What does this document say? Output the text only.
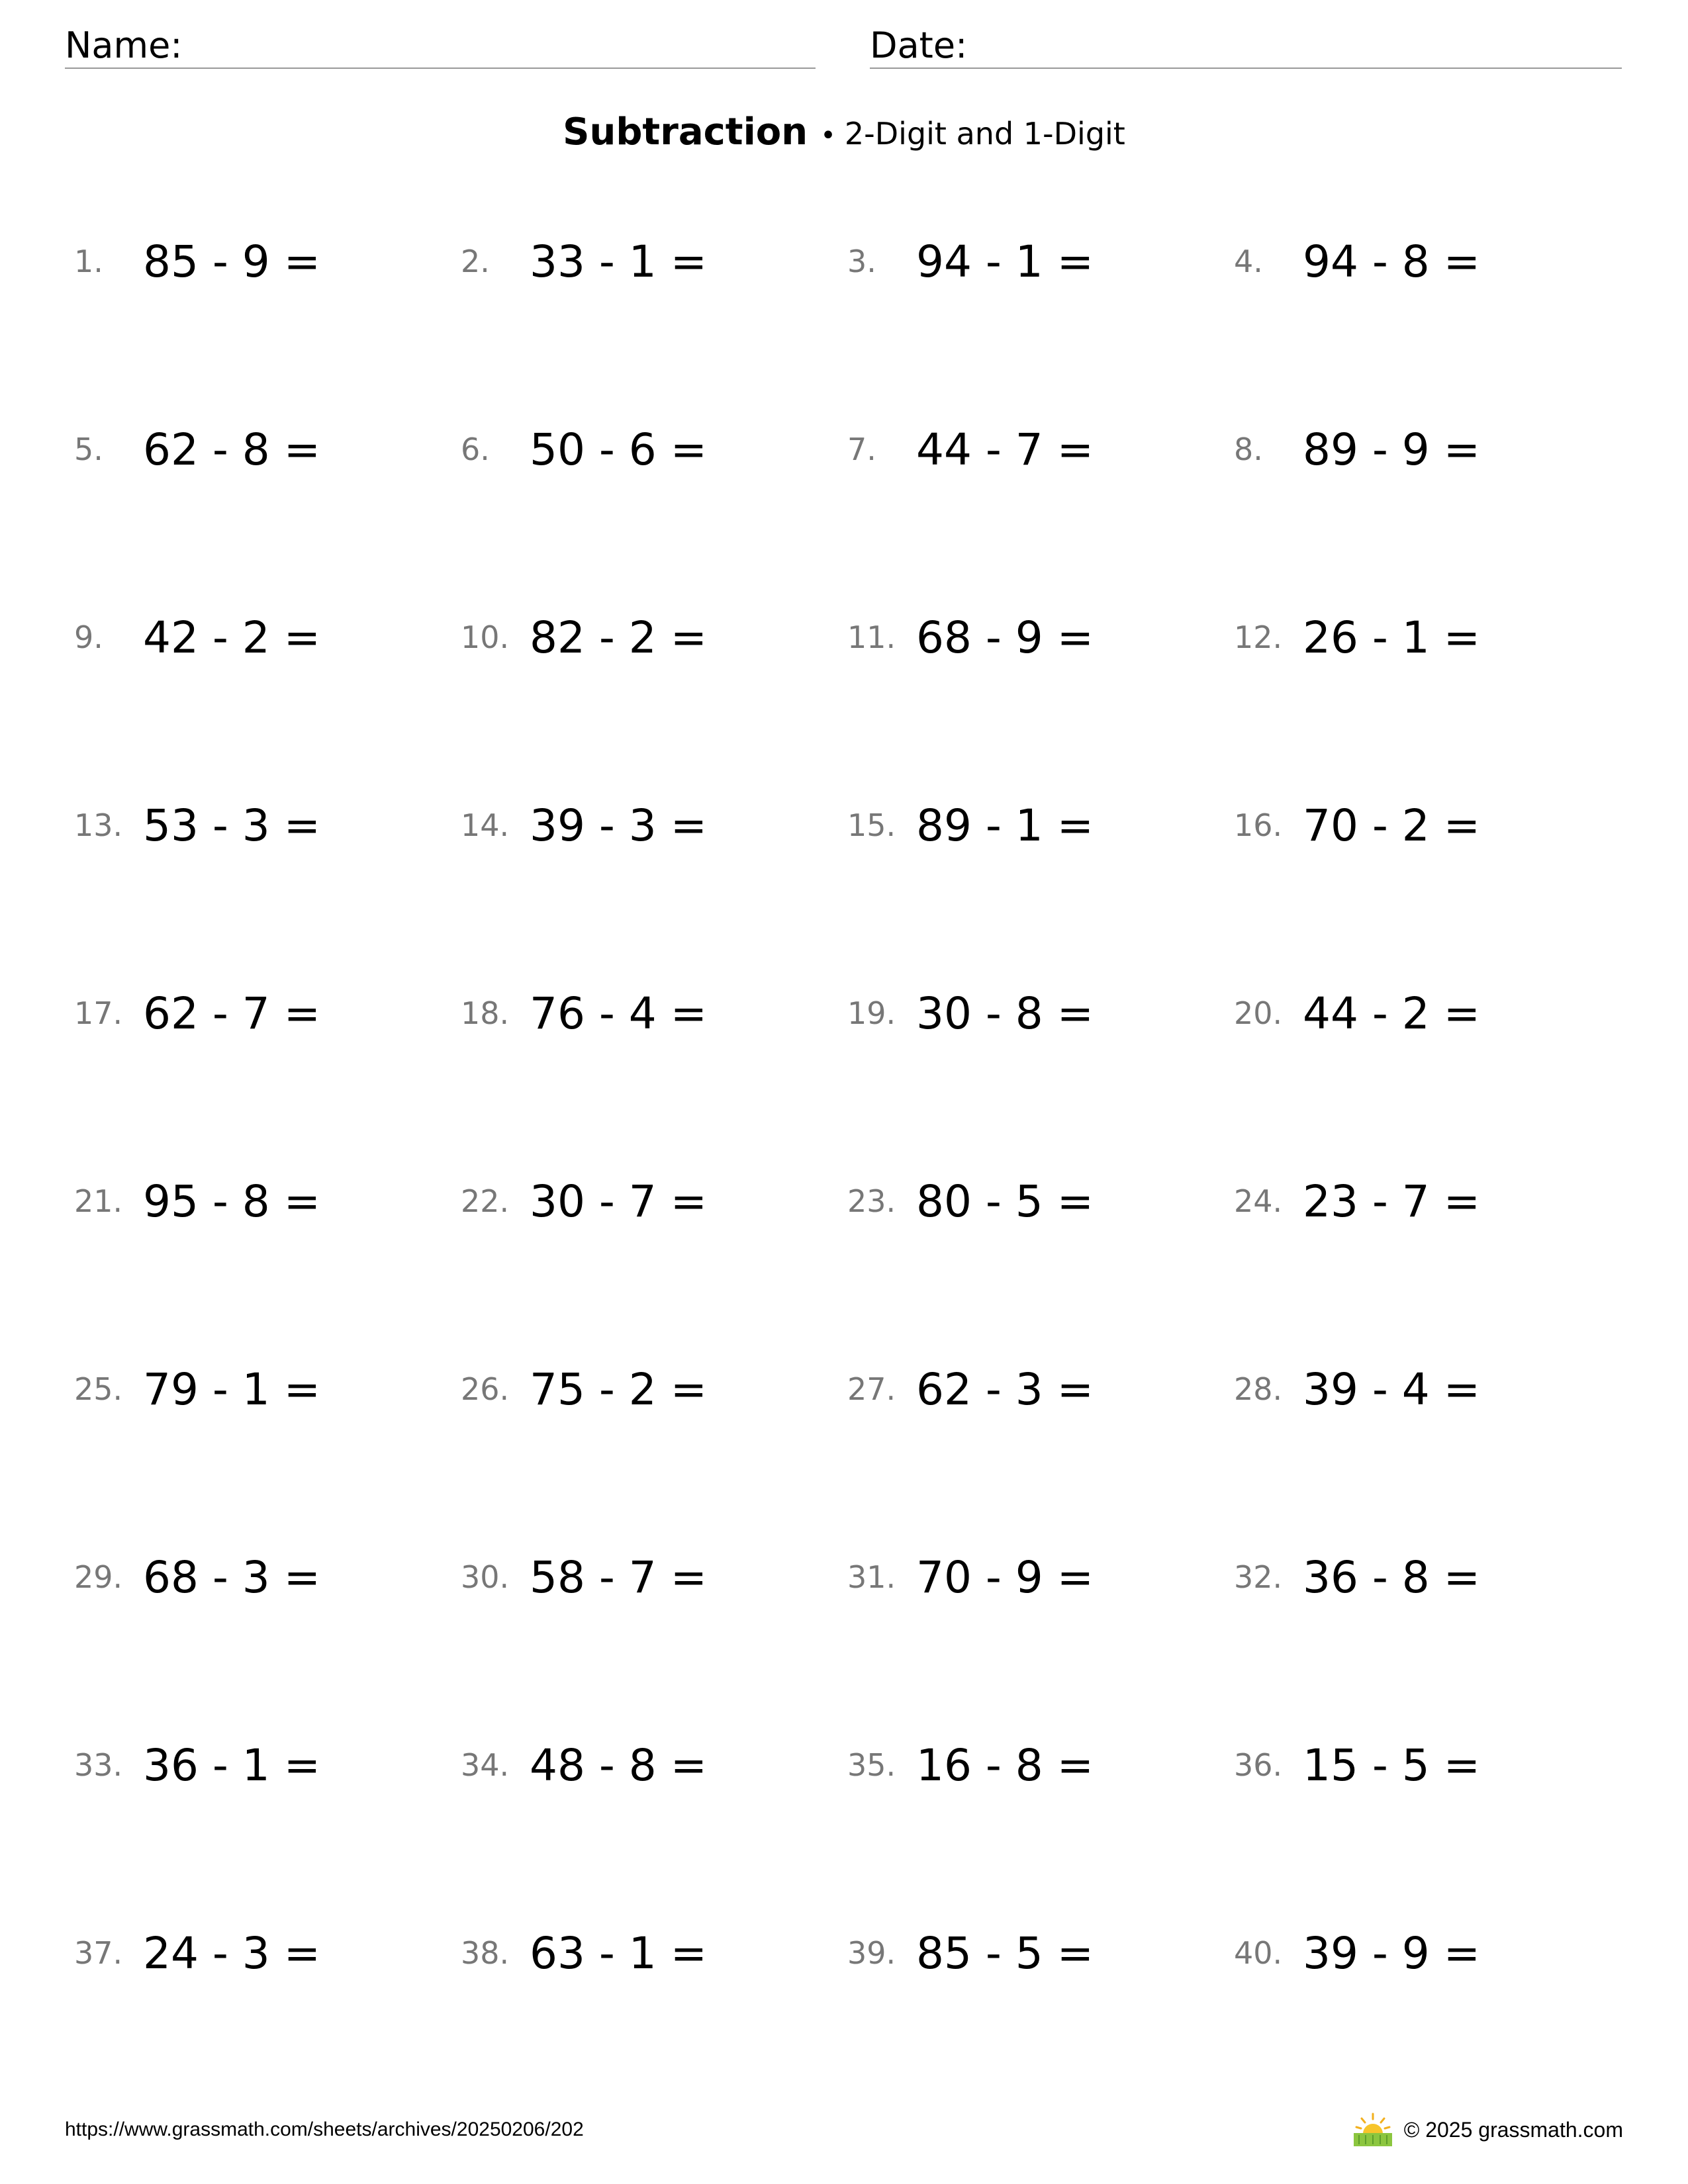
Name:	Date:
Subtraction • 2-Digit and 1-Digit
1. 85 - 9 =	2. 33 - 1 =	3. 94 - 1 =	4. 94 - 8 =
5. 62 - 8 =	6. 50 - 6 =	7. 44 - 7 =	8. 89 - 9 =
9. 42 - 2 =	10. 82 - 2 =	11. 68 - 9 =	12. 26 - 1 =
13. 53 - 3 =	14. 39 - 3 =	15. 89 - 1 =	16. 70 - 2 =
17. 62 - 7 =	18. 76 - 4 =	19. 30 - 8 =	20. 44 - 2 =
21. 95 - 8 =	22. 30 - 7 =	23. 80 - 5 =	24. 23 - 7 =
25. 79 - 1 =	26. 75 - 2 =	27. 62 - 3 =	28. 39 - 4 =
29. 68 - 3 =	30. 58 - 7 =	31. 70 - 9 =	32. 36 - 8 =
33. 36 - 1 =	34. 48 - 8 =	35. 16 - 8 =	36. 15 - 5 =
37. 24 - 3 =	38. 63 - 1 =	39. 85 - 5 =	40. 39 - 9 =
https://www.grassmath.com/sheets/archives/20250206/202	© 2025 grassmath.com
